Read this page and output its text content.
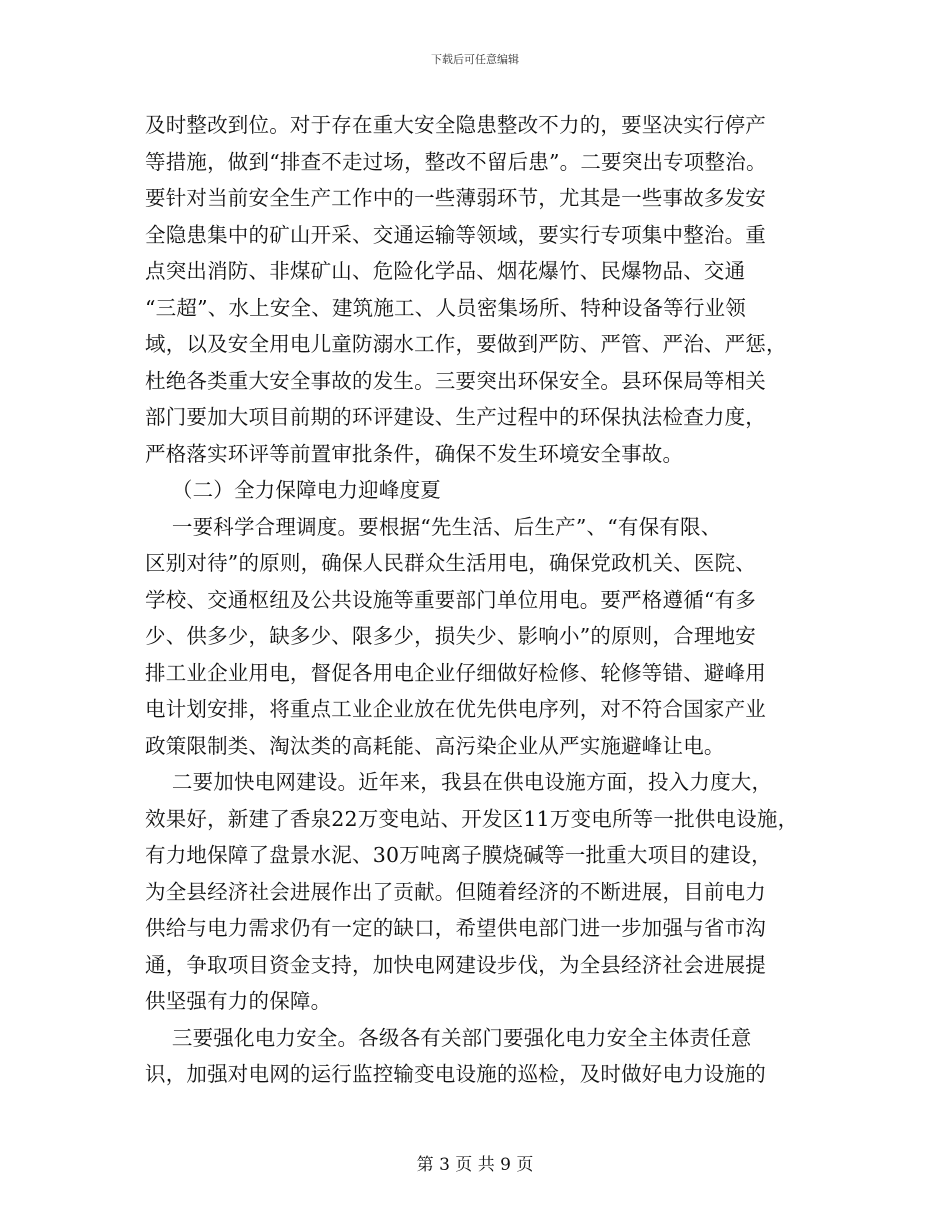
下载后可任意编辑
及时整改到位。对于存在重大安全隐患整改不力的，要坚决实行停产
等措施，做到“排查不走过场，整改不留后患”。二要突出专项整治。
要针对当前安全生产工作中的一些薄弱环节，尤其是一些事故多发安
全隐患集中的矿山开采、交通运输等领域，要实行专项集中整治。重
点突出消防、非煤矿山、危险化学品、烟花爆竹、民爆物品、交通
“三超”、水上安全、建筑施工、人员密集场所、特种设备等行业领
域，以及安全用电儿童防溺水工作，要做到严防、严管、严治、严惩，
杜绝各类重大安全事故的发生。三要突出环保安全。县环保局等相关
部门要加大项目前期的环评建设、生产过程中的环保执法检查力度，
严格落实环评等前置审批条件，确保不发生环境安全事故。
（二）全力保障电力迎峰度夏
一要科学合理调度。要根据“先生活、后生产”、“有保有限、
区别对待”的原则，确保人民群众生活用电，确保党政机关、医院、
学校、交通枢纽及公共设施等重要部门单位用电。要严格遵循“有多
少、供多少，缺多少、限多少，损失少、影响小”的原则，合理地安
排工业企业用电，督促各用电企业仔细做好检修、轮修等错、避峰用
电计划安排，将重点工业企业放在优先供电序列，对不符合国家产业
政策限制类、淘汰类的高耗能、高污染企业从严实施避峰让电。
二要加快电网建设。近年来，我县在供电设施方面，投入力度大，
效果好，新建了香泉22万变电站、开发区11万变电所等一批供电设施，
有力地保障了盘景水泥、30万吨离子膜烧碱等一批重大项目的建设，
为全县经济社会进展作出了贡献。但随着经济的不断进展，目前电力
供给与电力需求仍有一定的缺口，希望供电部门进一步加强与省市沟
通，争取项目资金支持，加快电网建设步伐，为全县经济社会进展提
供坚强有力的保障。
三要强化电力安全。各级各有关部门要强化电力安全主体责任意
识，加强对电网的运行监控输变电设施的巡检，及时做好电力设施的
第 3 页 共 9 页
